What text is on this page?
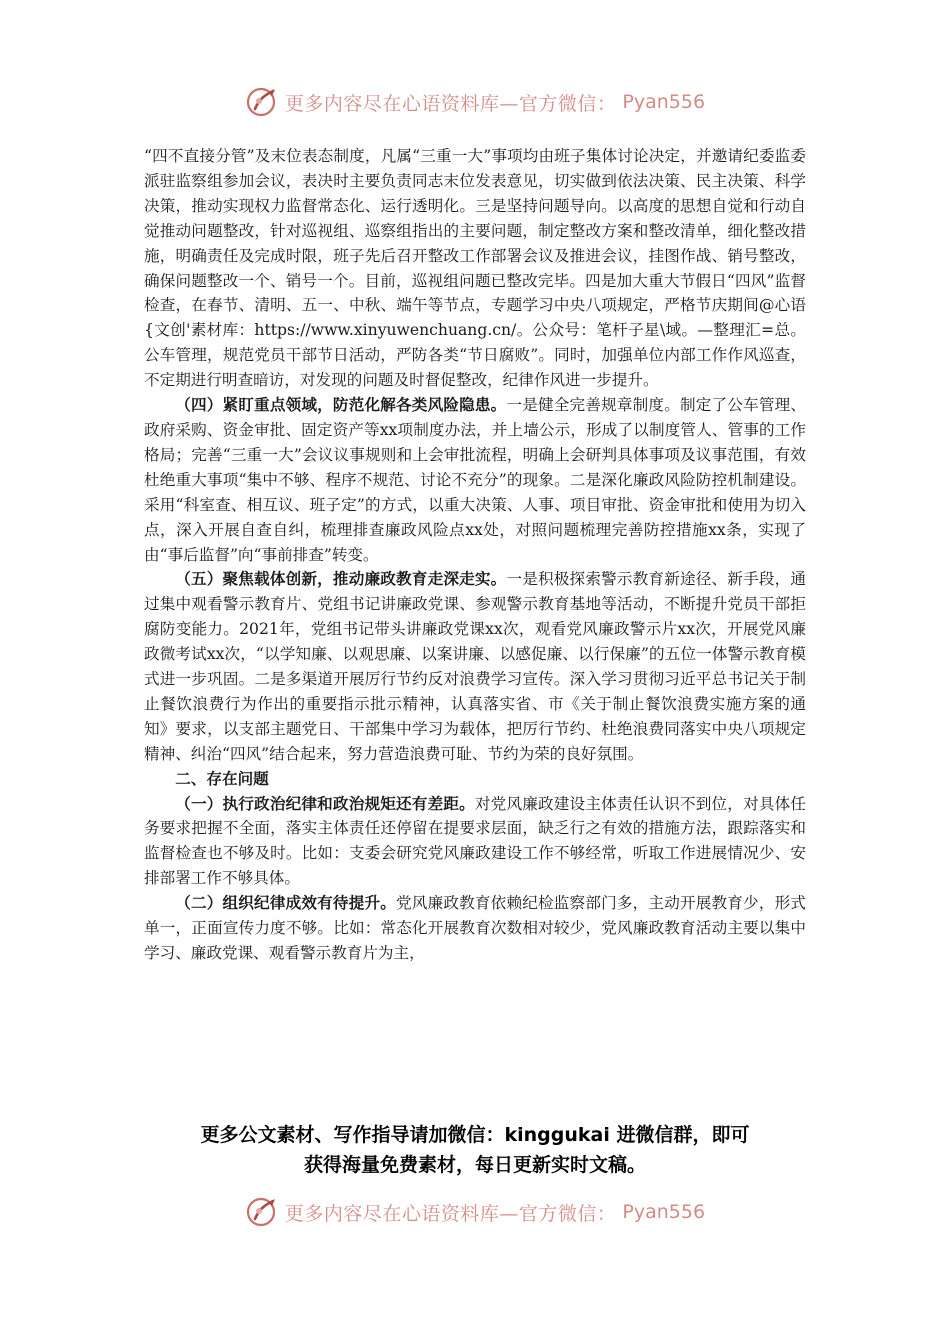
更多内容尽在心语资料库—官方微信： Pyan556

“四不直接分管”及末位表态制度，凡属“三重一大”事项均由班子集体讨论决定，并邀请纪委监委派驻监察组参加会议，表决时主要负责同志末位发表意见，切实做到依法决策、民主决策、科学决策，推动实现权力监督常态化、运行透明化。三是坚持问题导向。以高度的思想自觉和行动自觉推动问题整改，针对巡视组、巡察组指出的主要问题，制定整改方案和整改清单，细化整改措施，明确责任及完成时限，班子先后召开整改工作部署会议及推进会议，挂图作战、销号整改，确保问题整改一个、销号一个。目前，巡视组问题已整改完毕。四是加大重大节假日“四风”监督检查，在春节、清明、五一、中秋、端午等节点，专题学习中央八项规定，严格节庆期间@心语{文创'素材库：https://www.xinyuwenchuang.cn/。公众号：笔杆子星\域。—整理汇=总。公车管理，规范党员干部节日活动，严防各类“节日腐败”。同时，加强单位内部工作作风巡查，不定期进行明查暗访，对发现的问题及时督促整改，纪律作风进一步提升。

（四）紧盯重点领域，防范化解各类风险隐患。一是健全完善规章制度。制定了公车管理、政府采购、资金审批、固定资产等xx项制度办法，并上墙公示，形成了以制度管人、管事的工作格局；完善“三重一大”会议议事规则和上会审批流程，明确上会研判具体事项及议事范围，有效杜绝重大事项“集中不够、程序不规范、讨论不充分”的现象。二是深化廉政风险防控机制建设。采用“科室查、相互议、班子定”的方式，以重大决策、人事、项目审批、资金审批和使用为切入点，深入开展自查自纠，梳理排查廉政风险点xx处，对照问题梳理完善防控措施xx条，实现了由“事后监督”向“事前排查”转变。

（五）聚焦载体创新，推动廉政教育走深走实。一是积极探索警示教育新途径、新手段，通过集中观看警示教育片、党组书记讲廉政党课、参观警示教育基地等活动，不断提升党员干部拒腐防变能力。2021年，党组书记带头讲廉政党课xx次，观看党风廉政警示片xx次，开展党风廉政微考试xx次，“以学知廉、以观思廉、以案讲廉、以感促廉、以行保廉”的五位一体警示教育模式进一步巩固。二是多渠道开展厉行节约反对浪费学习宣传。深入学习贯彻习近平总书记关于制止餐饮浪费行为作出的重要指示批示精神，认真落实省、市《关于制止餐饮浪费实施方案的通知》要求，以支部主题党日、干部集中学习为载体，把厉行节约、杜绝浪费同落实中央八项规定精神、纠治“四风”结合起来，努力营造浪费可耻、节约为荣的良好氛围。

二、存在问题

（一）执行政治纪律和政治规矩还有差距。对党风廉政建设主体责任认识不到位，对具体任务要求把握不全面，落实主体责任还停留在提要求层面，缺乏行之有效的措施方法，跟踪落实和监督检查也不够及时。比如：支委会研究党风廉政建设工作不够经常，听取工作进展情况少、安排部署工作不够具体。

（二）组织纪律成效有待提升。党风廉政教育依赖纪检监察部门多，主动开展教育少，形式单一，正面宣传力度不够。比如：常态化开展教育次数相对较少，党风廉政教育活动主要以集中学习、廉政党课、观看警示教育片为主，

更多公文素材、写作指导请加微信：kinggukai 进微信群，即可
获得海量免费素材，每日更新实时文稿。
更多内容尽在心语资料库—官方微信： Pyan556
